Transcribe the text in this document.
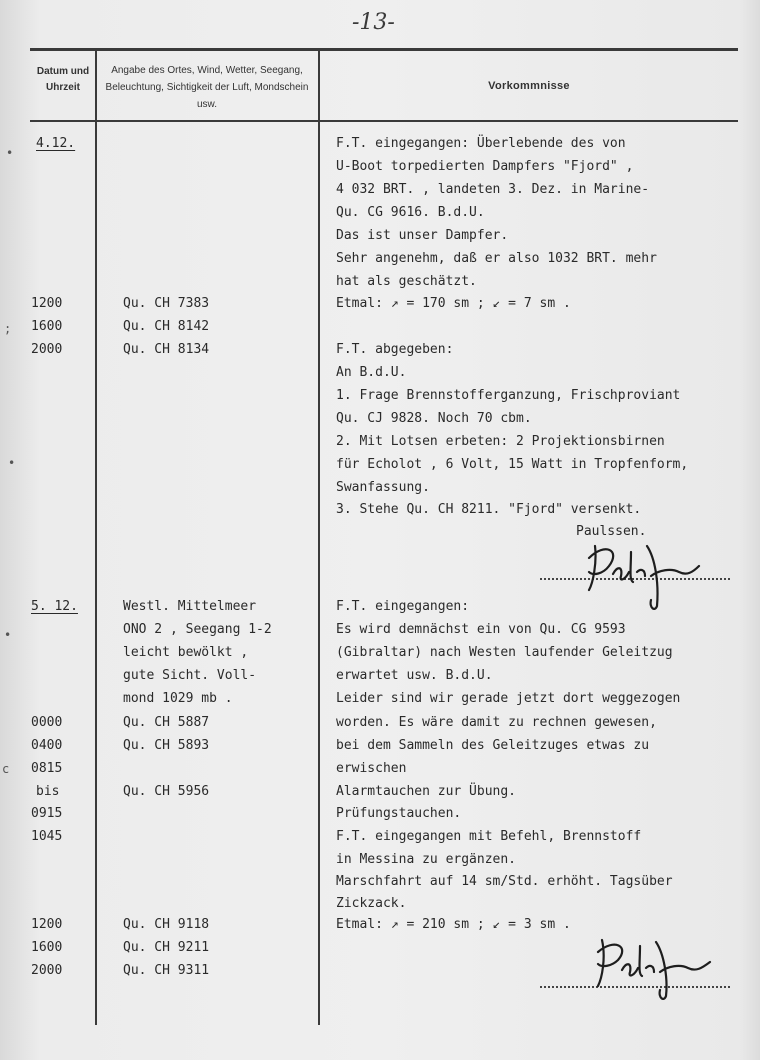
-13-
Datum und Uhrzeit
Angabe des Ortes, Wind, Wetter, Seegang, Beleuchtung, Sichtigkeit der Luft, Mondschein usw.
Vorkommnisse
4.12.
1200
1600
2000
5. 12.
0000
0400
0815
bis
0915
1045
1200
1600
2000
Qu. CH 7383
Qu. CH 8142
Qu. CH 8134
Westl. Mittelmeer
ONO 2 , Seegang 1-2
leicht bewölkt ,
gute Sicht. Voll-
mond 1029 mb .
Qu. CH 5887
Qu. CH 5893
Qu. CH 5956
Qu. CH 9118
Qu. CH 9211
Qu. CH 9311
F.T. eingegangen: Überlebende des von
U-Boot torpedierten Dampfers "Fjord" ,
4 032 BRT. , landeten 3. Dez. in Marine-
Qu. CG 9616. B.d.U.
Das ist unser Dampfer.
Sehr angenehm, daß er also 1032 BRT. mehr
hat als geschätzt.
Etmal: ↗ = 170 sm ; ↙ = 7 sm .
F.T. abgegeben:
An B.d.U.
1. Frage Brennstofferganzung, Frischproviant
Qu. CJ 9828. Noch 70 cbm.
2. Mit Lotsen erbeten: 2 Projektionsbirnen
für Echolot , 6 Volt, 15 Watt in Tropfenform,
Swanfassung.
3. Stehe Qu. CH 8211. "Fjord" versenkt.
Paulssen.
F.T. eingegangen:
Es wird demnächst ein von Qu. CG 9593
(Gibraltar) nach Westen laufender Geleitzug
erwartet usw. B.d.U.
Leider sind wir gerade jetzt dort weggezogen
worden. Es wäre damit zu rechnen gewesen,
bei dem Sammeln des Geleitzuges etwas zu
erwischen
Alarmtauchen zur Übung.
Prüfungstauchen.
F.T. eingegangen mit Befehl, Brennstoff
in Messina zu ergänzen.
Marschfahrt auf 14 sm/Std. erhöht. Tagsüber
Zickzack.
Etmal: ↗ = 210 sm ; ↙ = 3 sm .
•
;
•
•
c
